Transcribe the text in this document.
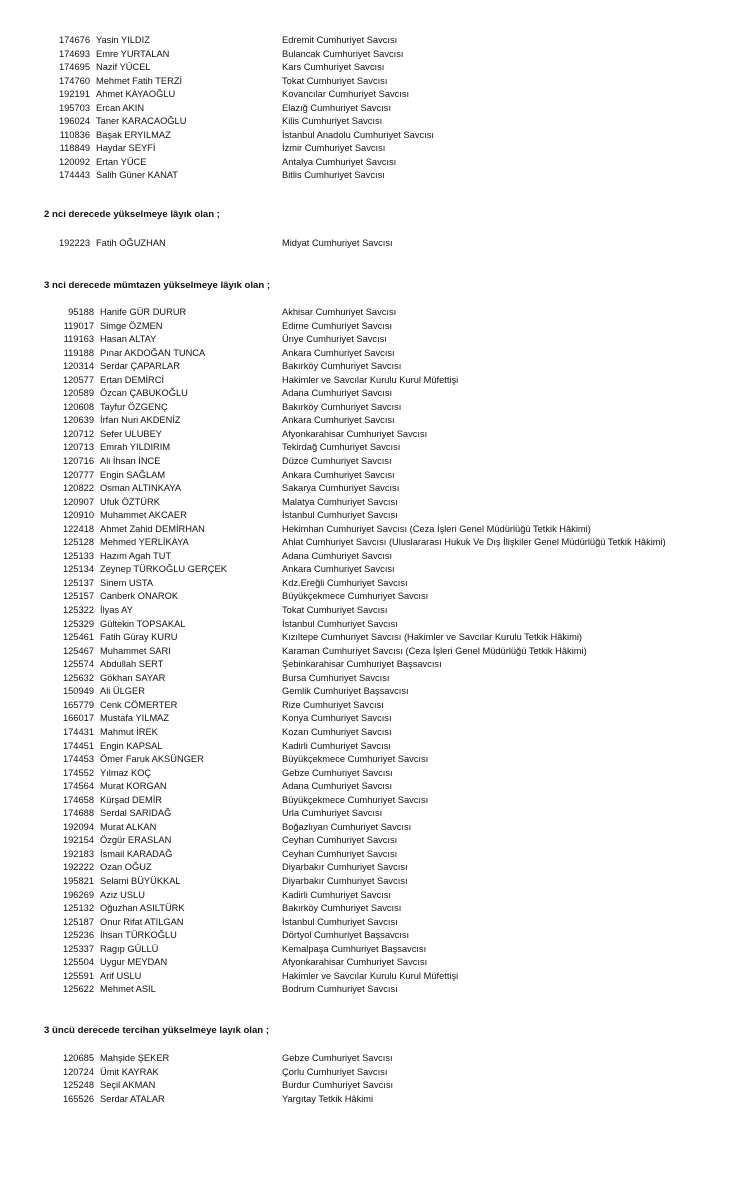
174676 Yasin YILDIZ	Edremit Cumhuriyet Savcısı
174693 Emre YURTALAN	Bulancak Cumhuriyet Savcısı
174695 Nazif YÜCEL	Kars Cumhuriyet Savcısı
174760 Mehmet Fatih TERZİ	Tokat Cumhuriyet Savcısı
192191 Ahmet KAYAOĞLU	Kovancılar Cumhuriyet Savcısı
195703 Ercan AKIN	Elazığ Cumhuriyet Savcısı
196024 Taner KARACAOĞLU	Kilis Cumhuriyet Savcısı
110836 Başak ERYILMAZ	İstanbul Anadolu Cumhuriyet Savcısı
118849 Haydar SEYFİ	İzmir Cumhuriyet Savcısı
120092 Ertan YÜCE	Antalya Cumhuriyet Savcısı
174443 Salih Güner KANAT	Bitlis Cumhuriyet Savcısı
2 nci derecede yükselmeye lâyık olan ;
192223 Fatih OĞUZHAN	Midyat Cumhuriyet Savcısı
3 nci derecede mümtazen yükselmeye lâyık olan ;
95188 Hanife GÜR DURUR	Akhisar Cumhuriyet Savcısı
119017 Simge ÖZMEN	Edirne Cumhuriyet Savcısı
119163 Hasan ALTAY	Ünye Cumhuriyet Savcısı
119188 Pınar AKDOĞAN TUNCA	Ankara Cumhuriyet Savcısı
120314 Serdar ÇAPARLAR	Bakırköy Cumhuriyet Savcısı
120577 Ertan DEMİRCİ	Hakimler ve Savcılar Kurulu Kurul Müfettişi
120589 Özcan ÇABUKOĞLU	Adana Cumhuriyet Savcısı
120608 Tayfur ÖZGENÇ	Bakırköy Cumhuriyet Savcısı
120639 İrfan Nuri AKDENİZ	Ankara Cumhuriyet Savcısı
120712 Sefer ULUBEY	Afyonkarahisar Cumhuriyet Savcısı
120713 Emrah YILDIRIM	Tekirdağ Cumhuriyet Savcısı
120716 Ali İhsan İNCE	Düzce Cumhuriyet Savcısı
120777 Engin SAĞLAM	Ankara Cumhuriyet Savcısı
120822 Osman ALTINKAYA	Sakarya Cumhuriyet Savcısı
120907 Ufuk ÖZTÜRK	Malatya Cumhuriyet Savcısı
120910 Muhammet AKCAER	İstanbul Cumhuriyet Savcısı
122418 Ahmet Zahid DEMİRHAN	Hekimhan Cumhuriyet Savcısı (Ceza İşleri Genel Müdürlüğü Tetkik Hâkimi)
125128 Mehmed YERLİKAYA	Ahlat Cumhuriyet Savcısı (Uluslararası Hukuk Ve Dış İlişkiler Genel Müdürlüğü Tetkik Hâkimi)
125133 Hazım Agah TUT	Adana Cumhuriyet Savcısı
125134 Zeynep TÜRKOĞLU GERÇEK	Ankara Cumhuriyet Savcısı
125137 Sinem USTA	Kdz.Ereğli Cumhuriyet Savcısı
125157 Canberk ONAROK	Büyükçekmece Cumhuriyet Savcısı
125322 İlyas AY	Tokat Cumhuriyet Savcısı
125329 Gültekin TOPSAKAL	İstanbul Cumhuriyet Savcısı
125461 Fatih Güray KURU	Kızıltepe Cumhuriyet Savcısı (Hakimler ve Savcılar Kurulu Tetkik Hâkimi)
125467 Muhammet SARI	Karaman Cumhuriyet Savcısı (Ceza İşleri Genel Müdürlüğü Tetkik Hâkimi)
125574 Abdullah SERT	Şebinkarahisar Cumhuriyet Başsavcısı
125632 Gökhan SAYAR	Bursa Cumhuriyet Savcısı
150949 Ali ÜLGER	Gemlik Cumhuriyet Başsavcısı
165779 Cenk CÖMERTER	Rize Cumhuriyet Savcısı
166017 Mustafa YILMAZ	Konya Cumhuriyet Savcısı
174431 Mahmut İREK	Kozan Cumhuriyet Savcısı
174451 Engin KAPSAL	Kadirli Cumhuriyet Savcısı
174453 Ömer Faruk AKSÜNGER	Büyükçekmece Cumhuriyet Savcısı
174552 Yılmaz KOÇ	Gebze Cumhuriyet Savcısı
174564 Murat KORGAN	Adana Cumhuriyet Savcısı
174658 Kürşad DEMİR	Büyükçekmece Cumhuriyet Savcısı
174688 Serdal SARIDAĞ	Urla Cumhuriyet Savcısı
192094 Murat ALKAN	Boğazlıyan Cumhuriyet Savcısı
192154 Özgür ERASLAN	Ceyhan Cumhuriyet Savcısı
192183 İsmail KARADAĞ	Ceyhan Cumhuriyet Savcısı
192222 Ozan OĞUZ	Diyarbakır Cumhuriyet Savcısı
195821 Selami BÜYÜKKAL	Diyarbakır Cumhuriyet Savcısı
196269 Aziz USLU	Kadirli Cumhuriyet Savcısı
125132 Oğuzhan ASILTÜRK	Bakırköy Cumhuriyet Savcısı
125187 Onur Rifat ATILGAN	İstanbul Cumhuriyet Savcısı
125236 İhsan TÜRKOĞLU	Dörtyol Cumhuriyet Başsavcısı
125337 Ragıp GÜLLÜ	Kemalpaşa Cumhuriyet Başsavcısı
125504 Uygur MEYDAN	Afyonkarahisar Cumhuriyet Savcısı
125591 Arif USLU	Hakimler ve Savcılar Kurulu Kurul Müfettişi
125622 Mehmet ASIL	Bodrum Cumhuriyet Savcısı
3 üncü derecede tercihan yükselmeye layık olan ;
120685 Mahşide ŞEKER	Gebze Cumhuriyet Savcısı
120724 Ümit KAYRAK	Çorlu Cumhuriyet Savcısı
125248 Seçil AKMAN	Burdur Cumhuriyet Savcısı
165526 Serdar ATALAR	Yargıtay Tetkik Hâkimi
